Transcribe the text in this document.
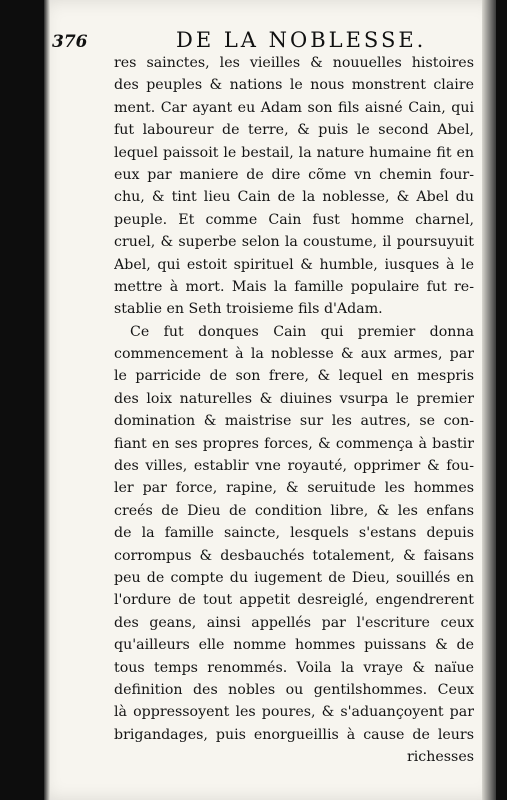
376	DE LA NOBLESSE.
res sainctes, les vieilles & nouuelles histoires
des peuples & nations le nous monstrent claire
ment. Car ayant eu Adam son fils aisné Cain, qui
fut laboureur de terre, & puis le second Abel,
lequel paissoit le bestail, la nature humaine fit en
eux par maniere de dire cõme vn chemin four-
chu, & tint lieu Cain de la noblesse, & Abel du
peuple. Et comme Cain fust homme charnel,
cruel, & superbe selon la coustume, il poursuyuit
Abel, qui estoit spirituel & humble, iusques à le
mettre à mort. Mais la famille populaire fut re-
stablie en Seth troisieme fils d'Adam.
Ce fut donques Cain qui premier donna
commencement à la noblesse & aux armes, par
le parricide de son frere, & lequel en mespris
des loix naturelles & diuines vsurpa le premier
domination & maistrise sur les autres, se con-
fiant en ses propres forces, & commença à bastir
des villes, establir vne royauté, opprimer & fou-
ler par force, rapine, & seruitude les hommes
creés de Dieu de condition libre, & les enfans
de la famille saincte, lesquels s'estans depuis
corrompus & desbauchés totalement, & faisans
peu de compte du iugement de Dieu, souillés en
l'ordure de tout appetit desreiglé, engendrerent
des geans, ainsi appellés par l'escriture ceux
qu'ailleurs elle nomme hommes puissans & de
tous temps renommés. Voila la vraye & naïue
definition des nobles ou gentilshommes. Ceux
là oppressoyent les poures, & s'aduançoyent par
brigandages, puis enorgueillis à cause de leurs
richesses
